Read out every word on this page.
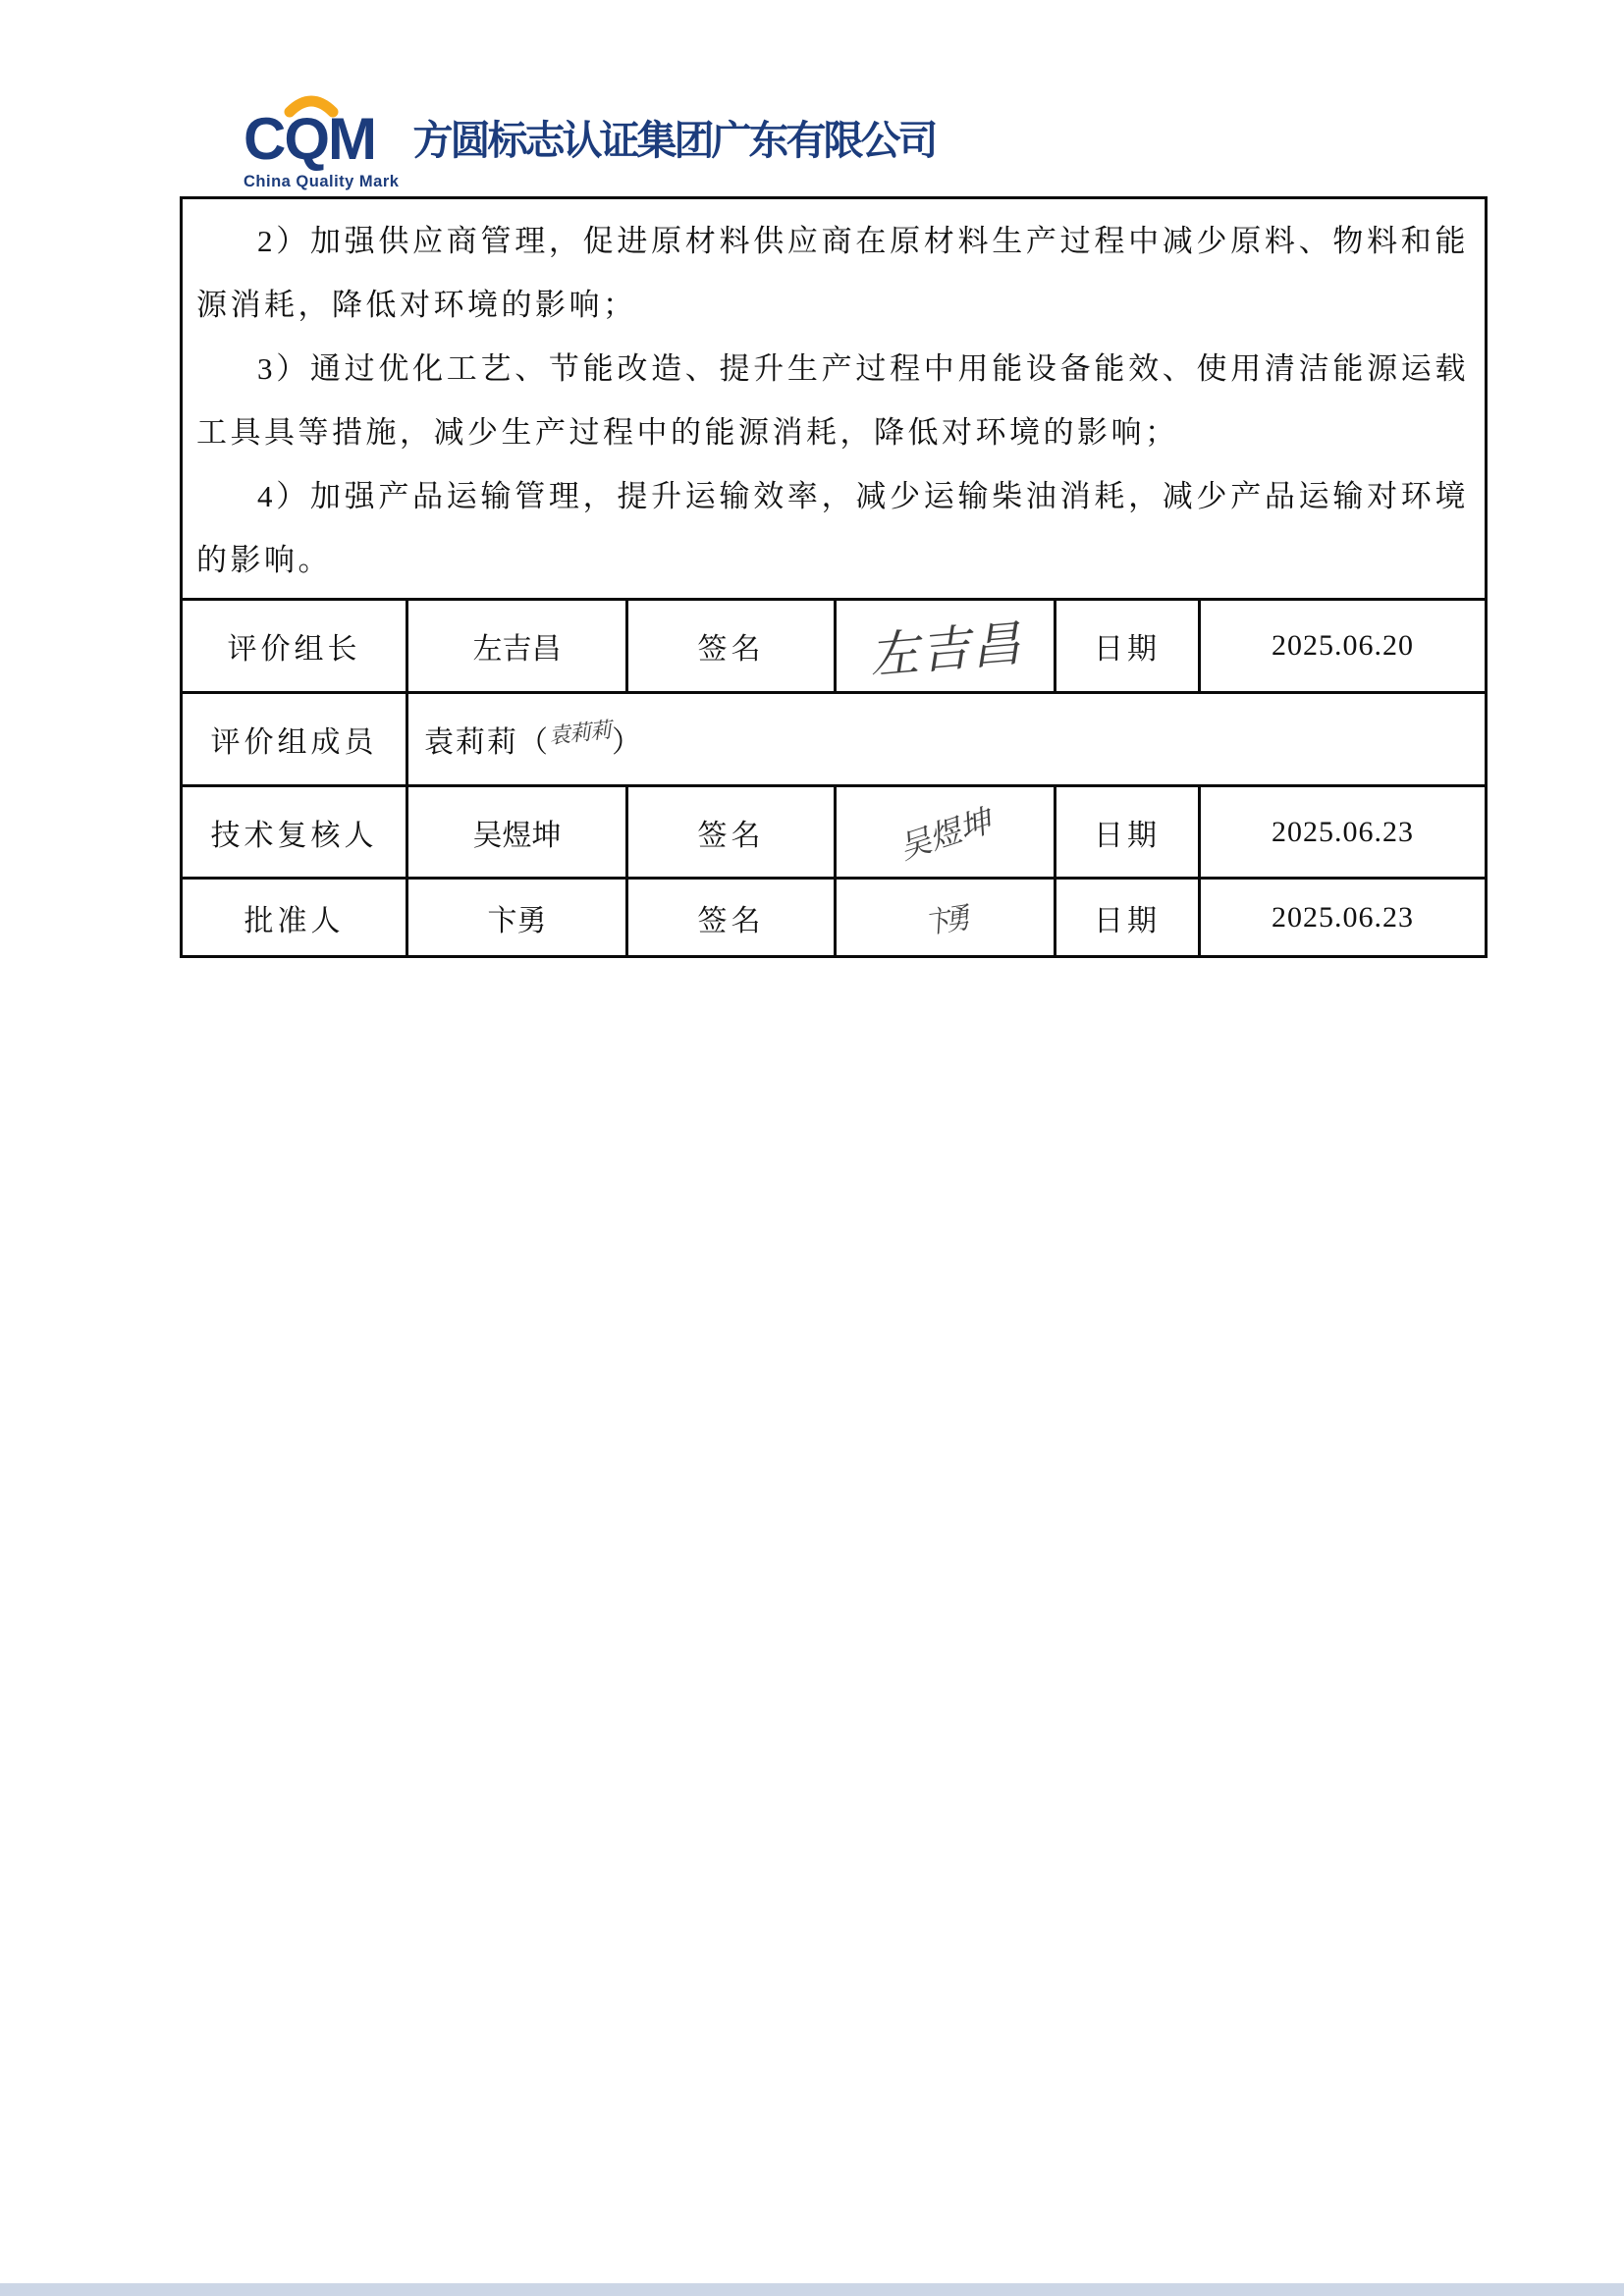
CQM
China Quality Mark
方圆标志认证集团广东有限公司

2）加强供应商管理，促进原材料供应商在原材料生产过程中减少原料、物料和能源消耗，降低对环境的影响；

3）通过优化工艺、节能改造、提升生产过程中用能设备能效、使用清洁能源运载工具具等措施，减少生产过程中的能源消耗，降低对环境的影响；

4）加强产品运输管理，提升运输效率，减少运输柴油消耗，减少产品运输对环境的影响。					

评价组长	左吉昌	签名	左吉昌	日期	2025.06.20
评价组成员	袁莉莉（袁莉莉）				
技术复核人	吴煜坤	签名	吴煜坤	日期	2025.06.23
批准人	卞勇	签名	卞勇	日期	2025.06.23
